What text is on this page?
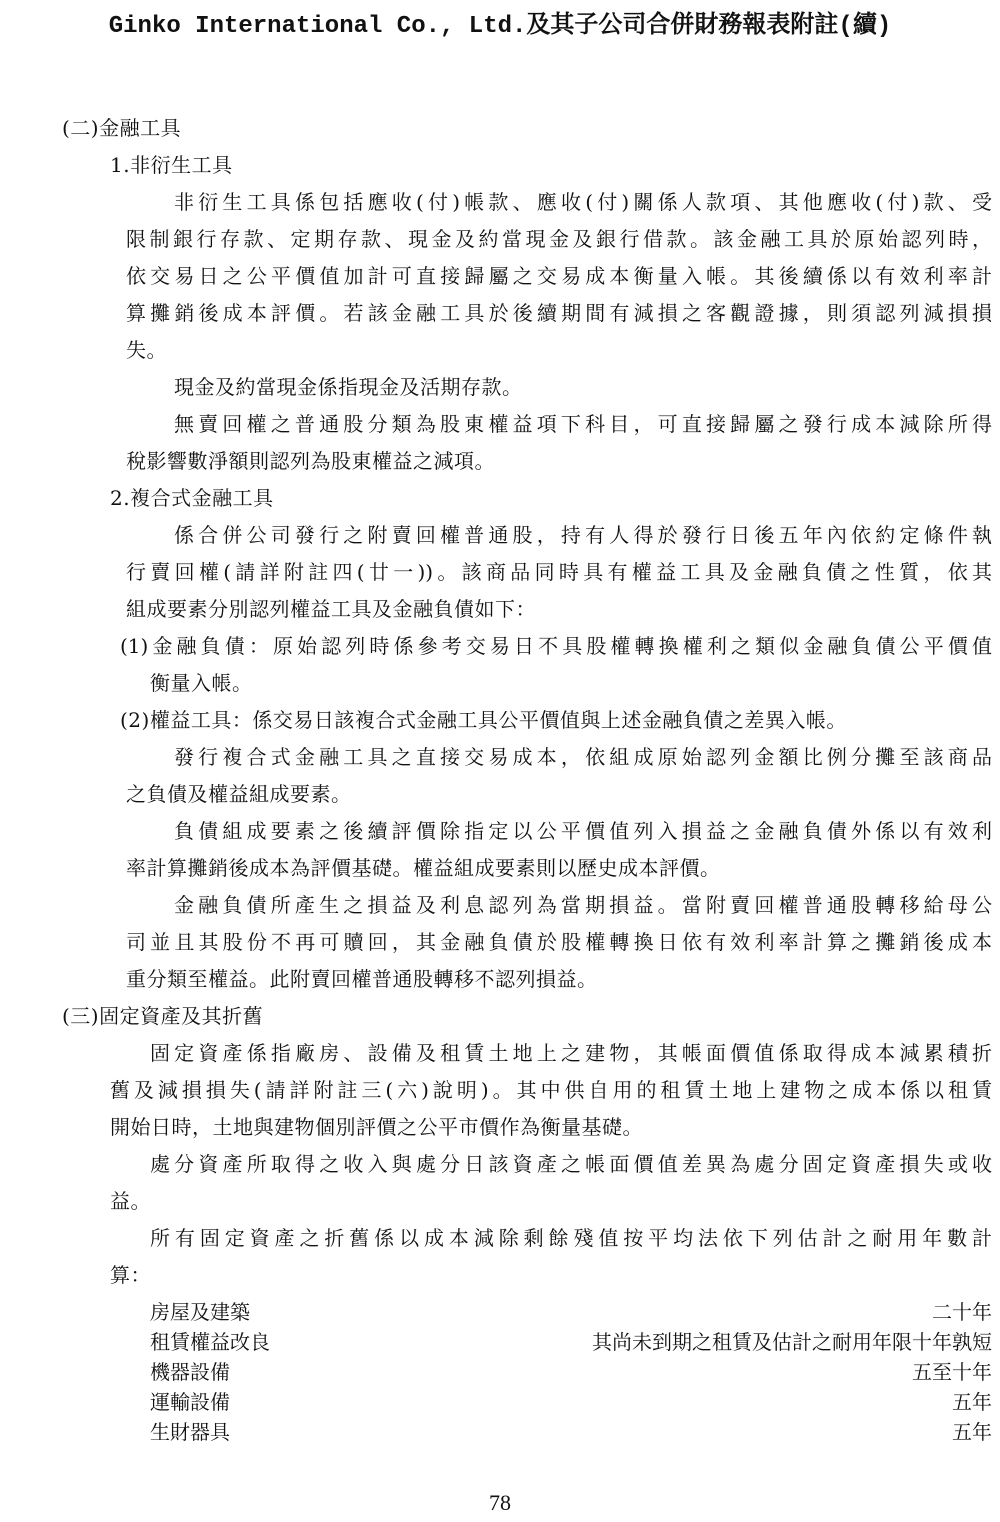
Ginko International Co., Ltd.及其子公司合併財務報表附註(續)
(二)金融工具
1.非衍生工具
非衍生工具係包括應收(付)帳款、應收(付)關係人款項、其他應收(付)款、受
限制銀行存款、定期存款、現金及約當現金及銀行借款。該金融工具於原始認列時，
依交易日之公平價值加計可直接歸屬之交易成本衡量入帳。其後續係以有效利率計
算攤銷後成本評價。若該金融工具於後續期間有減損之客觀證據，則須認列減損損
失。
現金及約當現金係指現金及活期存款。
無賣回權之普通股分類為股東權益項下科目，可直接歸屬之發行成本減除所得
稅影響數淨額則認列為股東權益之減項。
2.複合式金融工具
係合併公司發行之附賣回權普通股，持有人得於發行日後五年內依約定條件執
行賣回權(請詳附註四(廿一))。該商品同時具有權益工具及金融負債之性質，依其
組成要素分別認列權益工具及金融負債如下：
(1)金融負債：原始認列時係參考交易日不具股權轉換權利之類似金融負債公平價值
衡量入帳。
(2)權益工具：係交易日該複合式金融工具公平價值與上述金融負債之差異入帳。
發行複合式金融工具之直接交易成本，依組成原始認列金額比例分攤至該商品
之負債及權益組成要素。
負債組成要素之後續評價除指定以公平價值列入損益之金融負債外係以有效利
率計算攤銷後成本為評價基礎。權益組成要素則以歷史成本評價。
金融負債所產生之損益及利息認列為當期損益。當附賣回權普通股轉移給母公
司並且其股份不再可贖回，其金融負債於股權轉換日依有效利率計算之攤銷後成本
重分類至權益。此附賣回權普通股轉移不認列損益。
(三)固定資產及其折舊
固定資產係指廠房、設備及租賃土地上之建物，其帳面價值係取得成本減累積折
舊及減損損失(請詳附註三(六)說明)。其中供自用的租賃土地上建物之成本係以租賃
開始日時，土地與建物個別評價之公平市價作為衡量基礎。
處分資產所取得之收入與處分日該資產之帳面價值差異為處分固定資產損失或收
益。
所有固定資產之折舊係以成本減除剩餘殘值按平均法依下列估計之耐用年數計
算：
房屋及建築	二十年
租賃權益改良	其尚未到期之租賃及估計之耐用年限十年孰短
機器設備	五至十年
運輸設備	五年
生財器具	五年
78
